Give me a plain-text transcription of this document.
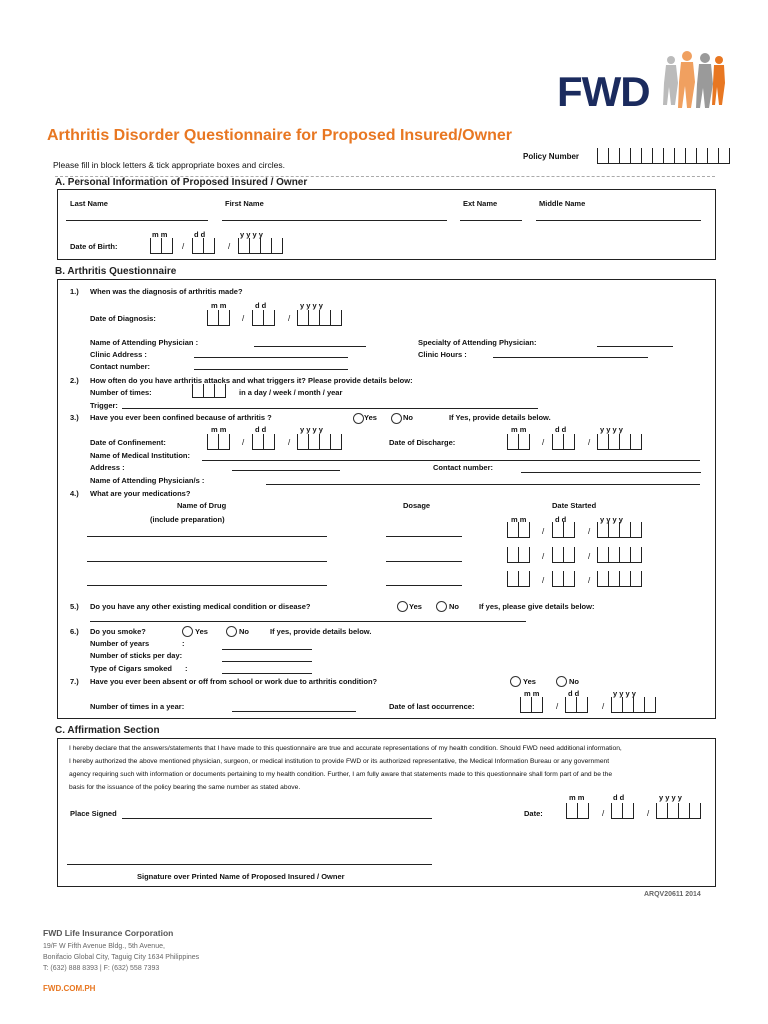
FWD
Arthritis Disorder Questionnaire for Proposed Insured/Owner
Please fill in block letters & tick appropriate boxes and circles.
Policy Number
A. Personal Information of Proposed Insured / Owner
Last Name	First Name	Ext Name	Middle Name
m m	d d	y y y y
Date of Birth:	/	/
B. Arthritis Questionnaire
1.) When was the diagnosis of arthritis made?
m m	d d	y y y y
Date of Diagnosis:	/	/
Name of Attending Physician :	Specialty of Attending Physician:
Clinic Address :	Clinic Hours :
Contact number:
2.) How often do you have arthritis attacks and what triggers it? Please provide details below:
Number of times:	in a day / week / month / year
Trigger:
3.) Have you ever been confined because of arthritis ?	Yes	No	If Yes, provide details below.
m m	d d	y y y y	m m	d d	y y y y
Date of Confinement:	/	/	Date of Discharge:	/	/
Name of Medical Institution:
Address :	Contact number:
Name of Attending Physician/s :
4.) What are your medications?
Name of Drug
(include preparation)
Dosage	Date Started
m m	d d	y y y y
/	/
/	/
/	/
5.) Do you have any other existing medical condition or disease?	Yes	No	If yes, please give details below:
6.) Do you smoke?	Yes	No	If yes, provide details below.
Number of years	:
Number of sticks per day:
Type of Cigars smoked :
7.) Have you ever been absent or off from school or work due to arthritis condition?	Yes	No
m m	d d	y y y y
Number of times in a year:	Date of last occurrence:	/	/
C. Affirmation Section
I hereby declare that the answers/statements that I have made to this questionnaire are true and accurate representations of my health condition. Should FWD need additional information,
I hereby authorized the above mentioned physician, surgeon, or medical institution to provide FWD or its authorized representative, the Medical Information Bureau or any government
agency requiring such with information or documents pertaining to my health condition. Further, I am fully aware that statements made to this questionnaire shall form part of and be the
basis for the issuance of the policy bearing the same number as stated above.
m m	d d	y y y y
Place Signed	Date:	/	/
Signature over Printed Name of Proposed Insured / Owner
ARQV20611 2014
FWD Life Insurance Corporation
19/F W Fifth Avenue Bldg., 5th Avenue,
Bonifacio Global City, Taguig City 1634 Philippines
T: (632) 888 8393 | F: (632) 558 7393
FWD.COM.PH
